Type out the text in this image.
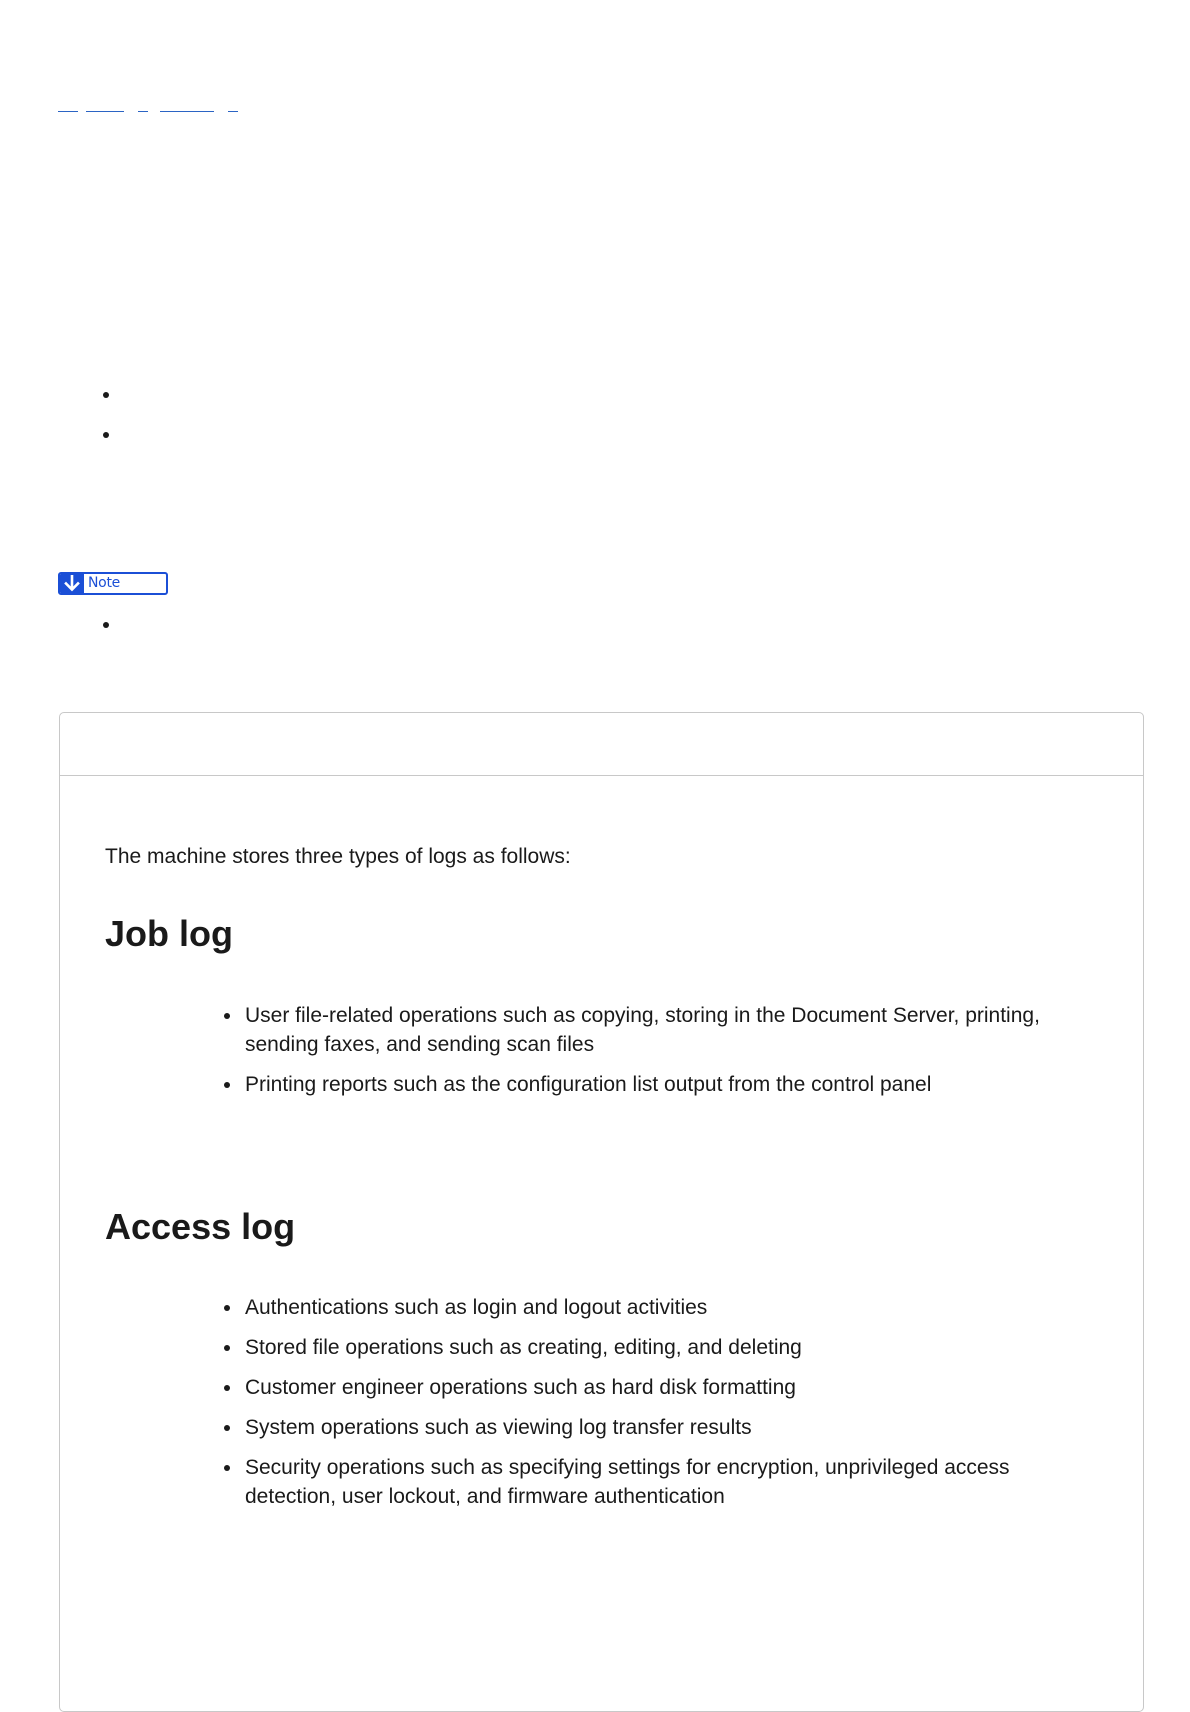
Note

The machine stores three types of logs as follows:

Job log
User file-related operations such as copying, storing in the Document Server, printing, sending faxes, and sending scan files
Printing reports such as the configuration list output from the control panel
Access log
Authentications such as login and logout activities
Stored file operations such as creating, editing, and deleting
Customer engineer operations such as hard disk formatting
System operations such as viewing log transfer results
Security operations such as specifying settings for encryption, unprivileged access detection, user lockout, and firmware authentication
